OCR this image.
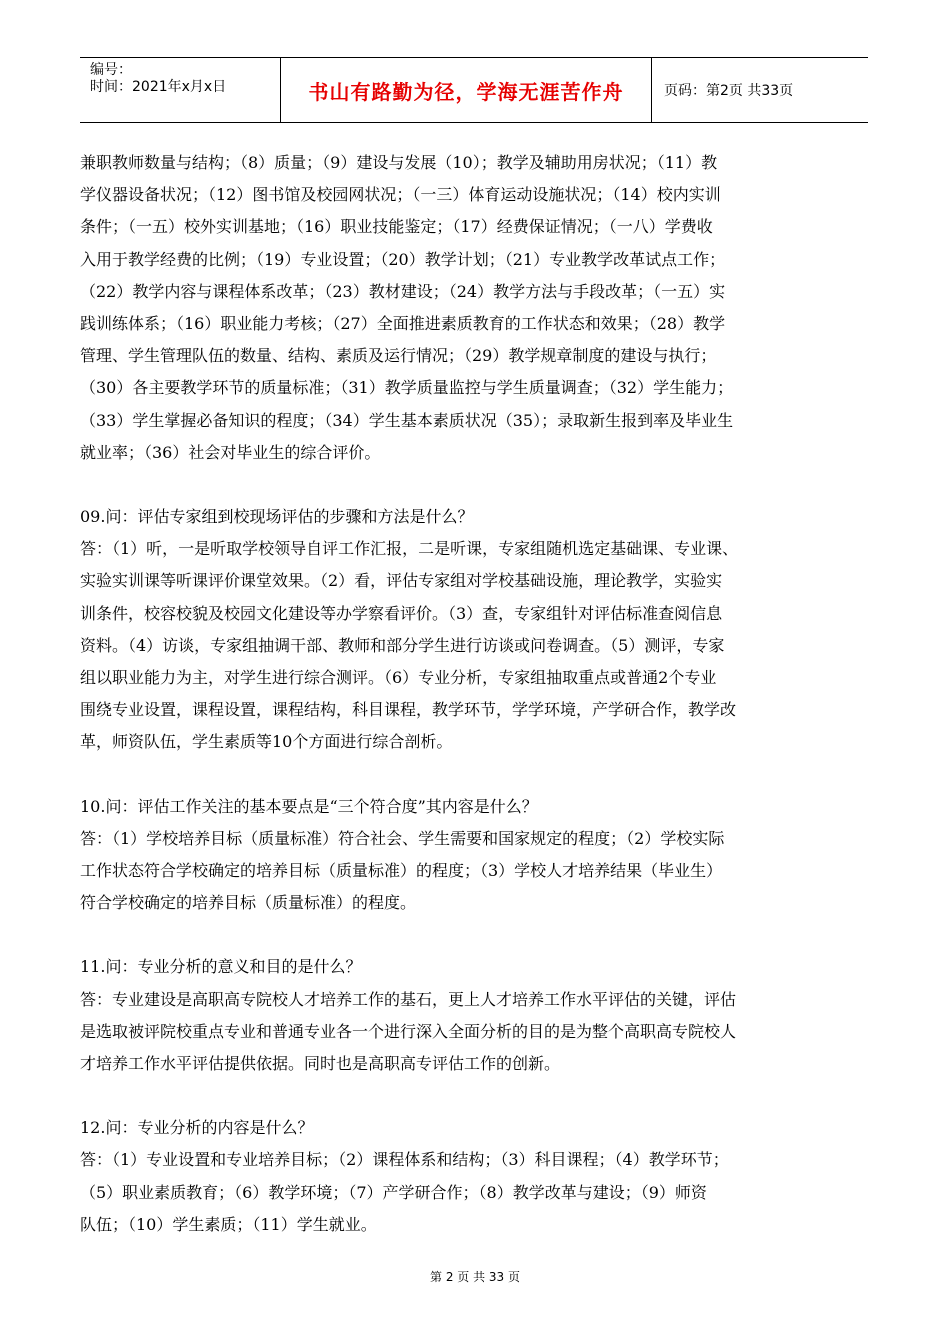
编号：
时间：2021年x月x日	书山有路勤为径，学海无涯苦作舟	页码：第2页 共33页

兼职教师数量与结构；（8）质量；（9）建设与发展（10）；教学及辅助用房状况；（11）教

学仪器设备状况；（12）图书馆及校园网状况；（一三）体育运动设施状况；（14）校内实训

条件；（一五）校外实训基地；（16）职业技能鉴定；（17）经费保证情况；（一八）学费收

入用于教学经费的比例；（19）专业设置；（20）教学计划；（21）专业教学改革试点工作；

（22）教学内容与课程体系改革；（23）教材建设；（24）教学方法与手段改革；（一五）实

践训练体系；（16）职业能力考核；（27）全面推进素质教育的工作状态和效果；（28）教学

管理、学生管理队伍的数量、结构、素质及运行情况；（29）教学规章制度的建设与执行；

（30）各主要教学环节的质量标准；（31）教学质量监控与学生质量调查；（32）学生能力；

（33）学生掌握必备知识的程度；（34）学生基本素质状况（35）；录取新生报到率及毕业生

就业率；（36）社会对毕业生的综合评价。

09.问：评估专家组到校现场评估的步骤和方法是什么？

答：（1）听，一是听取学校领导自评工作汇报，二是听课，专家组随机选定基础课、专业课、

实验实训课等听课评价课堂效果。（2）看，评估专家组对学校基础设施，理论教学，实验实

训条件，校容校貌及校园文化建设等办学察看评价。（3）查，专家组针对评估标准查阅信息

资料。（4）访谈，专家组抽调干部、教师和部分学生进行访谈或问卷调查。（5）测评，专家

组以职业能力为主，对学生进行综合测评。（6）专业分析，专家组抽取重点或普通2个专业

围绕专业设置，课程设置，课程结构，科目课程，教学环节，学学环境，产学研合作，教学改

革，师资队伍，学生素质等10个方面进行综合剖析。

10.问：评估工作关注的基本要点是“三个符合度”其内容是什么？

答：（1）学校培养目标（质量标准）符合社会、学生需要和国家规定的程度；（2）学校实际

工作状态符合学校确定的培养目标（质量标准）的程度；（3）学校人才培养结果（毕业生）

符合学校确定的培养目标（质量标准）的程度。

11.问：专业分析的意义和目的是什么？

答：专业建设是高职高专院校人才培养工作的基石，更上人才培养工作水平评估的关键，评估

是选取被评院校重点专业和普通专业各一个进行深入全面分析的目的是为整个高职高专院校人

才培养工作水平评估提供依据。同时也是高职高专评估工作的创新。

12.问：专业分析的内容是什么？

答：（1）专业设置和专业培养目标；（2）课程体系和结构；（3）科目课程；（4）教学环节；

（5）职业素质教育；（6）教学环境；（7）产学研合作；（8）教学改革与建设；（9）师资

队伍；（10）学生素质；（11）学生就业。

第 2 页 共 33 页
